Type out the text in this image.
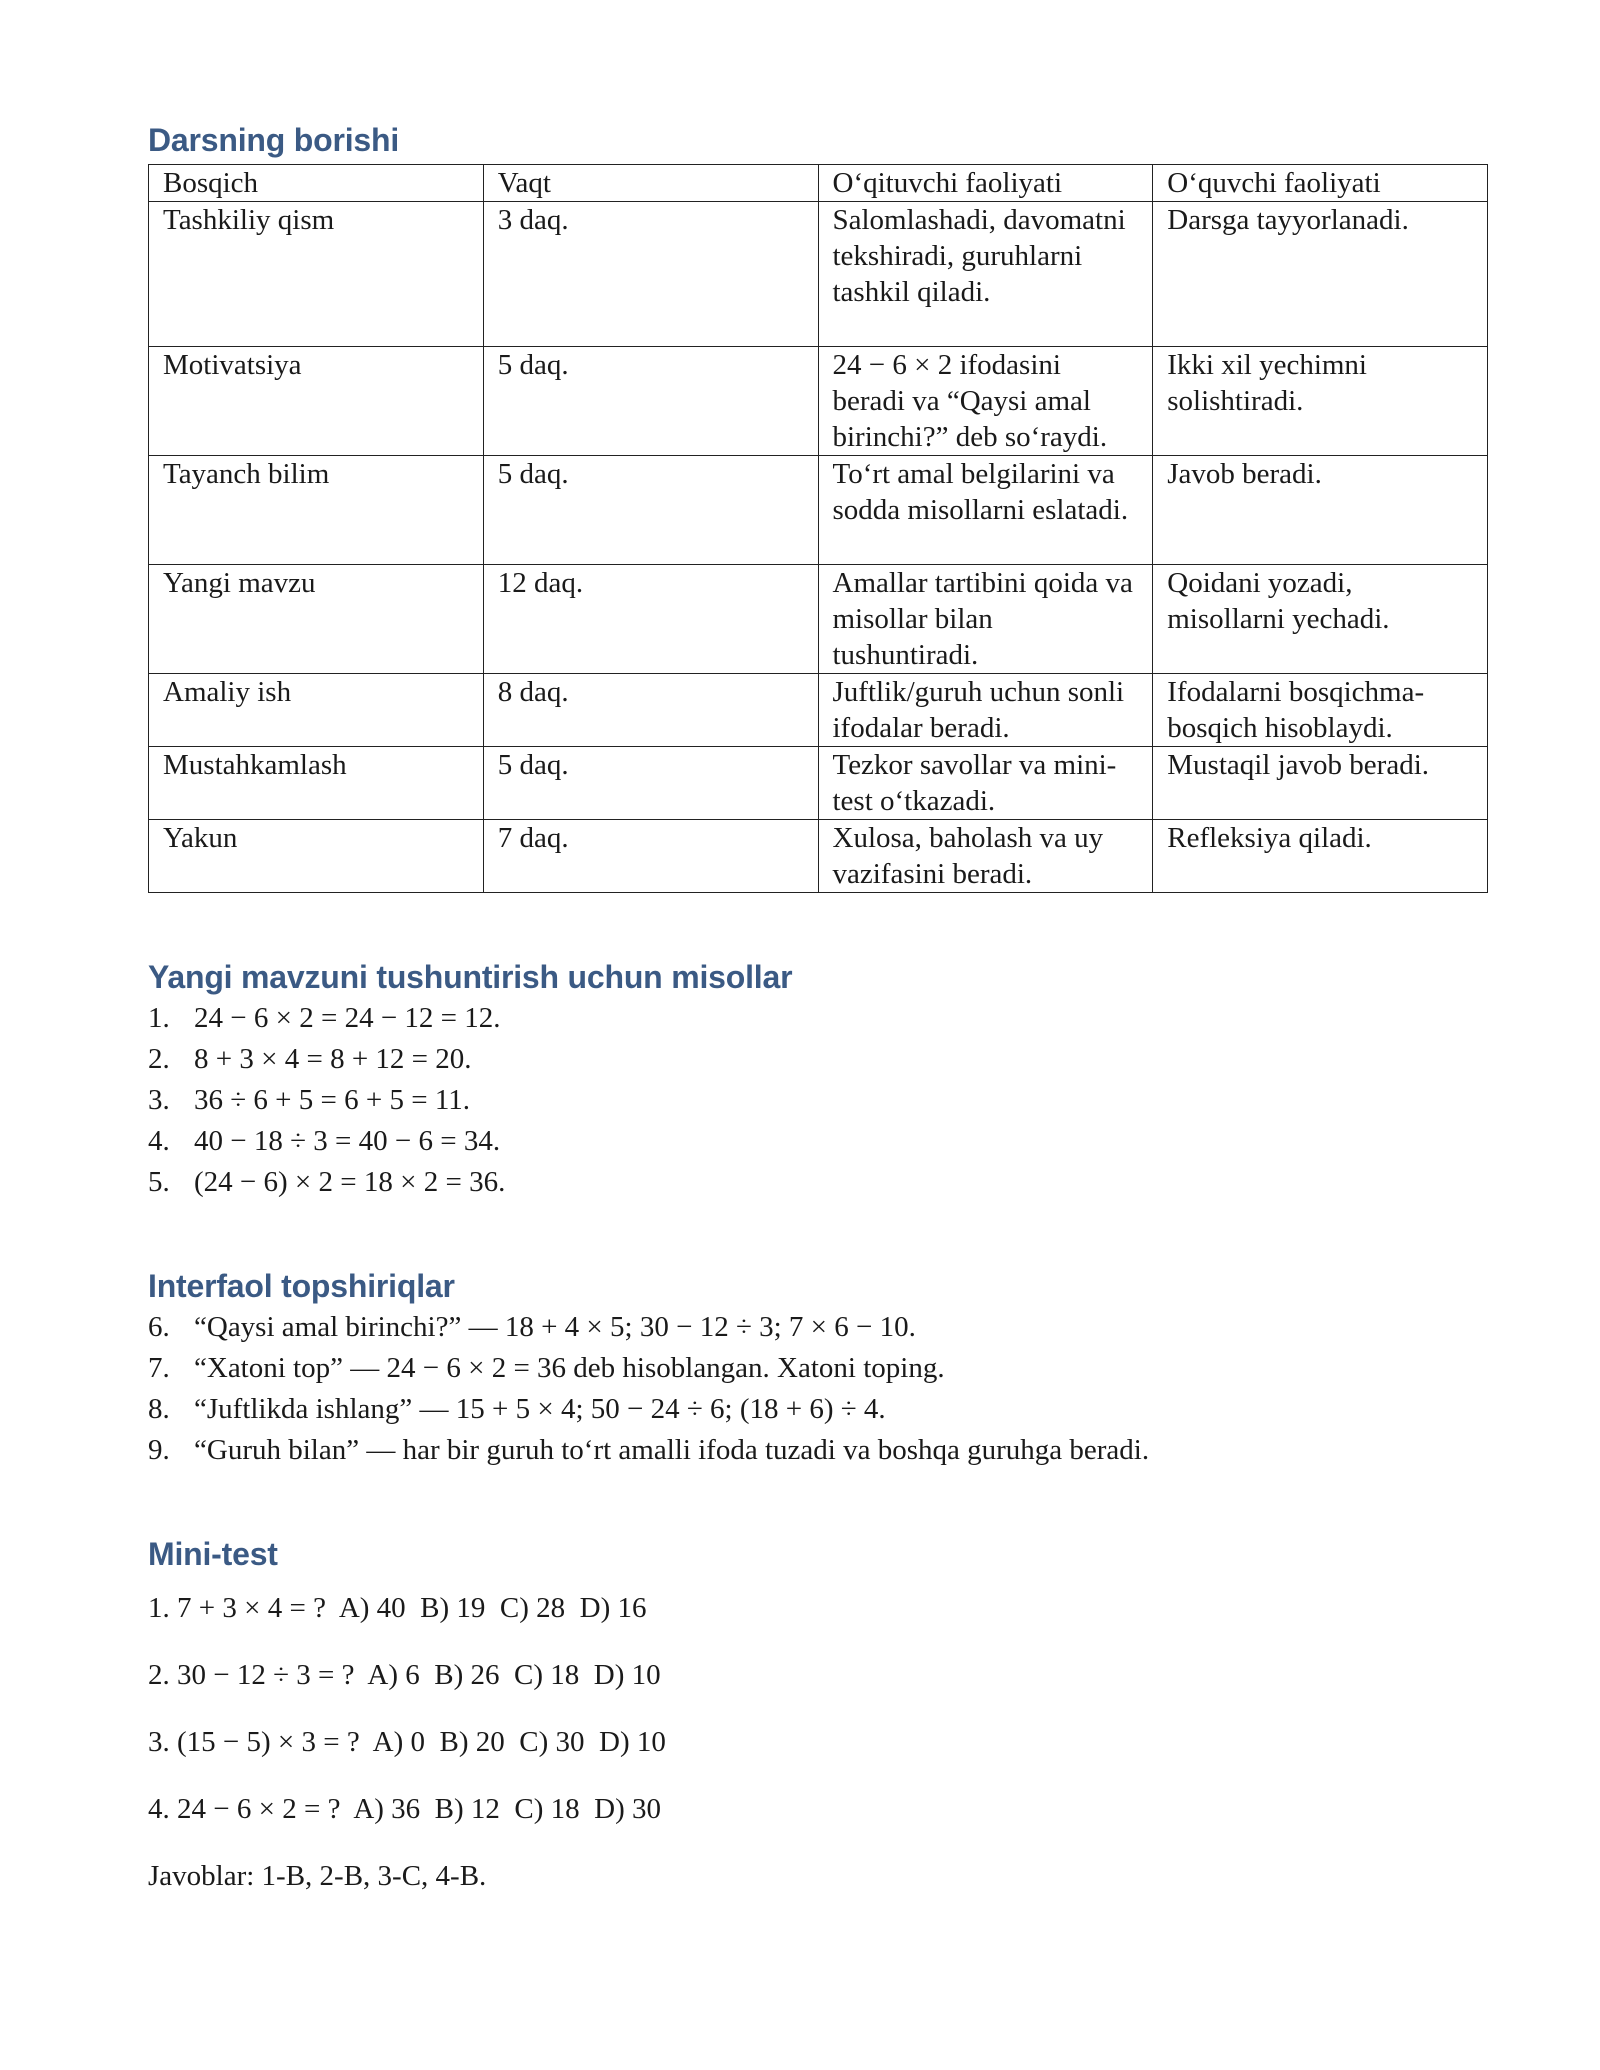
Darsning borishi
Bosqich	Vaqt	O‘qituvchi faoliyati	O‘quvchi faoliyati
Tashkiliy qism	3 daq.	Salomlashadi, davomatni tekshiradi, guruhlarni tashkil qiladi.	Darsga tayyorlanadi.
Motivatsiya	5 daq.	24 − 6 × 2 ifodasini beradi va “Qaysi amal birinchi?” deb so‘raydi.	Ikki xil yechimni solishtiradi.
Tayanch bilim	5 daq.	To‘rt amal belgilarini va sodda misollarni eslatadi.	Javob beradi.
Yangi mavzu	12 daq.	Amallar tartibini qoida va misollar bilan tushuntiradi.	Qoidani yozadi, misollarni yechadi.
Amaliy ish	8 daq.	Juftlik/guruh uchun sonli ifodalar beradi.	Ifodalarni bosqichma-bosqich hisoblaydi.
Mustahkamlash	5 daq.	Tezkor savollar va mini-test o‘tkazadi.	Mustaqil javob beradi.
Yakun	7 daq.	Xulosa, baholash va uy vazifasini beradi.	Refleksiya qiladi.
Yangi mavzuni tushuntirish uchun misollar
1. 24 − 6 × 2 = 24 − 12 = 12.
2. 8 + 3 × 4 = 8 + 12 = 20.
3. 36 ÷ 6 + 5 = 6 + 5 = 11.
4. 40 − 18 ÷ 3 = 40 − 6 = 34.
5. (24 − 6) × 2 = 18 × 2 = 36.
Interfaol topshiriqlar
6. “Qaysi amal birinchi?” — 18 + 4 × 5; 30 − 12 ÷ 3; 7 × 6 − 10.
7. “Xatoni top” — 24 − 6 × 2 = 36 deb hisoblangan. Xatoni toping.
8. “Juftlikda ishlang” — 15 + 5 × 4; 50 − 24 ÷ 6; (18 + 6) ÷ 4.
9. “Guruh bilan” — har bir guruh to‘rt amalli ifoda tuzadi va boshqa guruhga beradi.
Mini-test
1. 7 + 3 × 4 = ?  A) 40  B) 19  C) 28  D) 16
2. 30 − 12 ÷ 3 = ?  A) 6  B) 26  C) 18  D) 10
3. (15 − 5) × 3 = ?  A) 0  B) 20  C) 30  D) 10
4. 24 − 6 × 2 = ?  A) 36  B) 12  C) 18  D) 30
Javoblar: 1-B, 2-B, 3-C, 4-B.
